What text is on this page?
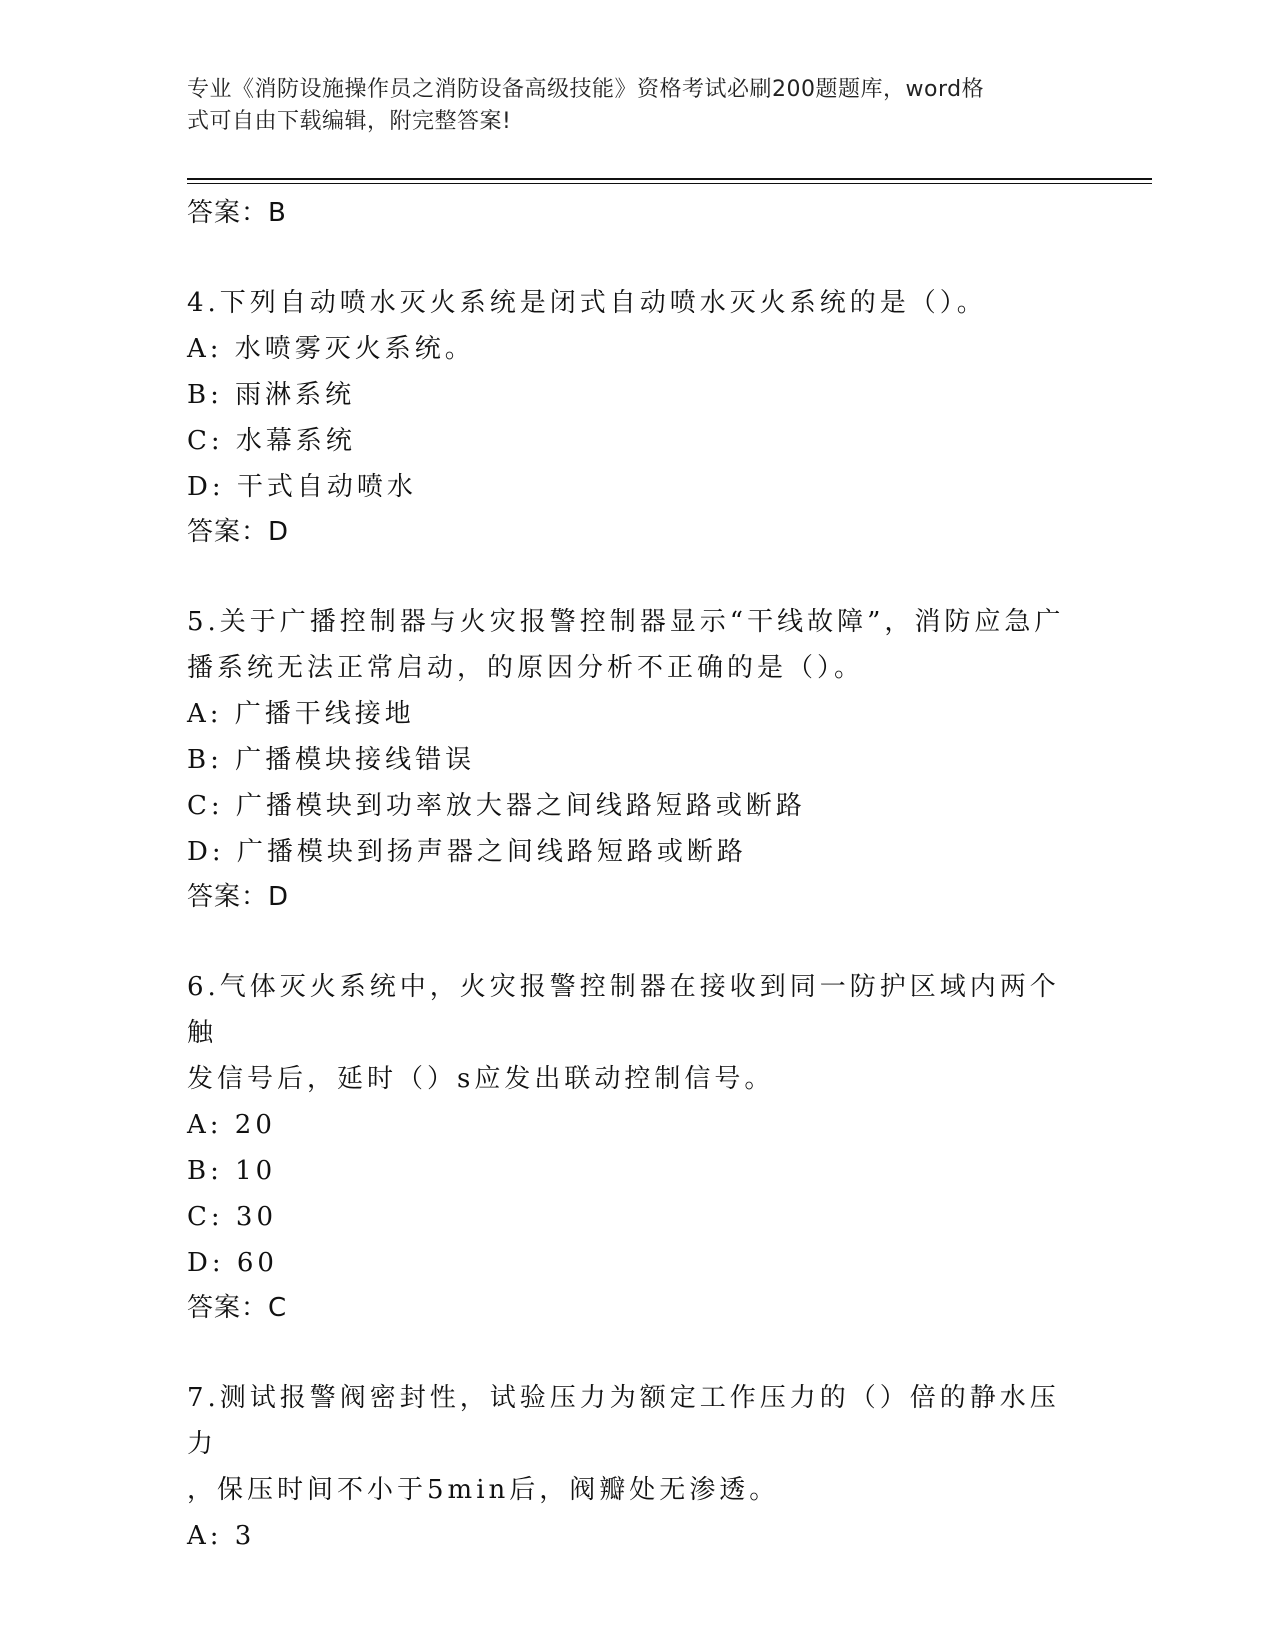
专业《消防设施操作员之消防设备高级技能》资格考试必刷200题题库，word格
式可自由下载编辑，附完整答案!
答案：B
4.下列自动喷水灭火系统是闭式自动喷水灭火系统的是（）。
A: 水喷雾灭火系统。
B: 雨淋系统
C: 水幕系统
D: 干式自动喷水
答案：D
5.关于广播控制器与火灾报警控制器显示“干线故障”，消防应急广
播系统无法正常启动，的原因分析不正确的是（）。
A: 广播干线接地
B: 广播模块接线错误
C: 广播模块到功率放大器之间线路短路或断路
D: 广播模块到扬声器之间线路短路或断路
答案：D
6.气体灭火系统中，火灾报警控制器在接收到同一防护区域内两个触
发信号后，延时（）s应发出联动控制信号。
A: 20
B: 10
C: 30
D: 60
答案：C
7.测试报警阀密封性，试验压力为额定工作压力的（）倍的静水压力
，保压时间不小于5min后，阀瓣处无渗透。
A: 3
